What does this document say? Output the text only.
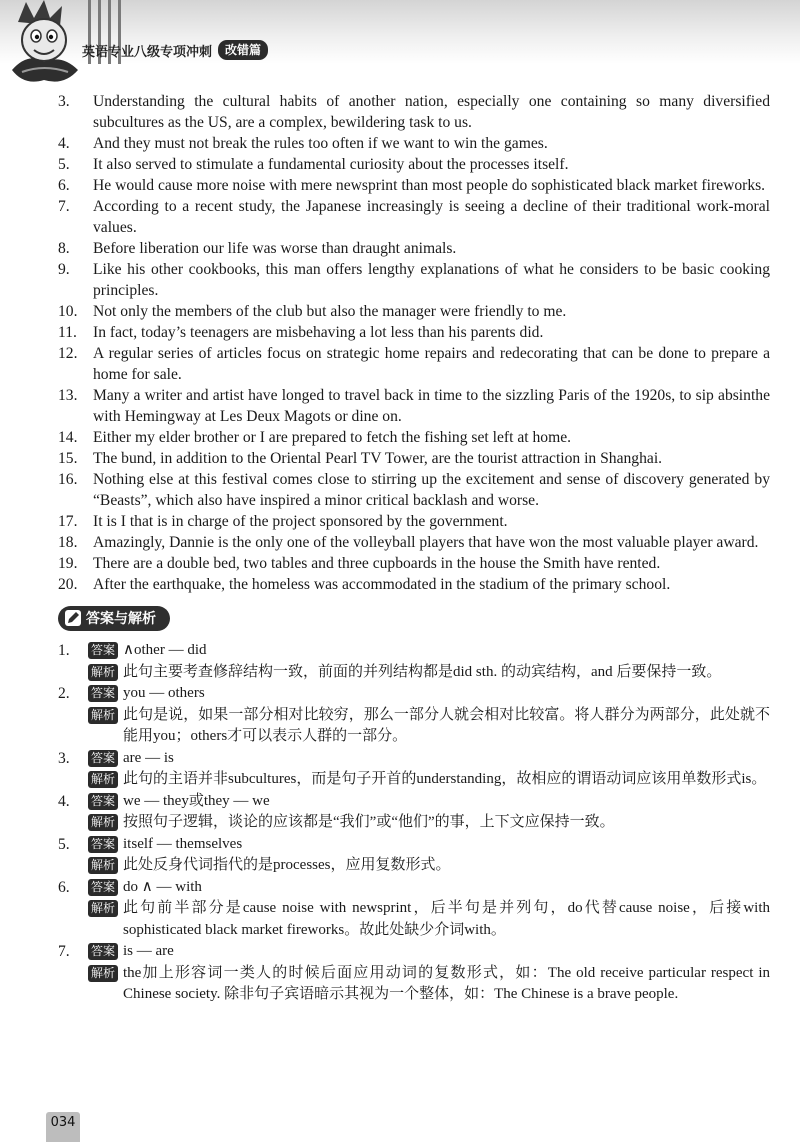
英语专业八级专项冲刺	改错篇
3. Understanding the cultural habits of another nation, especially one containing so many diversified subcultures as the US, are a complex, bewildering task to us.
4. And they must not break the rules too often if we want to win the games.
5. It also served to stimulate a fundamental curiosity about the processes itself.
6. He would cause more noise with mere newsprint than most people do sophisticated black market fireworks.
7. According to a recent study, the Japanese increasingly is seeing a decline of their traditional work-moral values.
8. Before liberation our life was worse than draught animals.
9. Like his other cookbooks, this man offers lengthy explanations of what he considers to be basic cooking principles.
10. Not only the members of the club but also the manager were friendly to me.
11. In fact, today’s teenagers are misbehaving a lot less than his parents did.
12. A regular series of articles focus on strategic home repairs and redecorating that can be done to prepare a home for sale.
13. Many a writer and artist have longed to travel back in time to the sizzling Paris of the 1920s, to sip absinthe with Hemingway at Les Deux Magots or dine on.
14. Either my elder brother or I are prepared to fetch the fishing set left at home.
15. The bund, in addition to the Oriental Pearl TV Tower, are the tourist attraction in Shanghai.
16. Nothing else at this festival comes close to stirring up the excitement and sense of discovery generated by “Beasts”, which also have inspired a minor critical backlash and worse.
17. It is I that is in charge of the project sponsored by the government.
18. Amazingly, Dannie is the only one of the volleyball players that have won the most valuable player award.
19. There are a double bed, two tables and three cupboards in the house the Smith have rented.
20. After the earthquake, the homeless was accommodated in the stadium of the primary school.
答案与解析
1. 答案 ∧other — did
解析 此句主要考查修辞结构一致，前面的并列结构都是did sth. 的动宾结构，and 后要保持一致。
2. 答案 you — others
解析 此句是说，如果一部分相对比较穷，那么一部分人就会相对比较富。将人群分为两部分，此处就不能用you；others才可以表示人群的一部分。
3. 答案 are — is
解析 此句的主语并非subcultures，而是句子开首的understanding，故相应的谓语动词应该用单数形式is。
4. 答案 we — they或they — we
解析 按照句子逻辑，谈论的应该都是“我们”或“他们”的事，上下文应保持一致。
5. 答案 itself — themselves
解析 此处反身代词指代的是processes，应用复数形式。
6. 答案 do ∧ — with
解析 此句前半部分是cause noise with newsprint，后半句是并列句，do代替cause noise，后接with sophisticated black market fireworks。故此处缺少介词with。
7. 答案 is — are
解析 the加上形容词一类人的时候后面应用动词的复数形式，如：The old receive particular respect in Chinese society. 除非句子宾语暗示其视为一个整体，如：The Chinese is a brave people.
034
